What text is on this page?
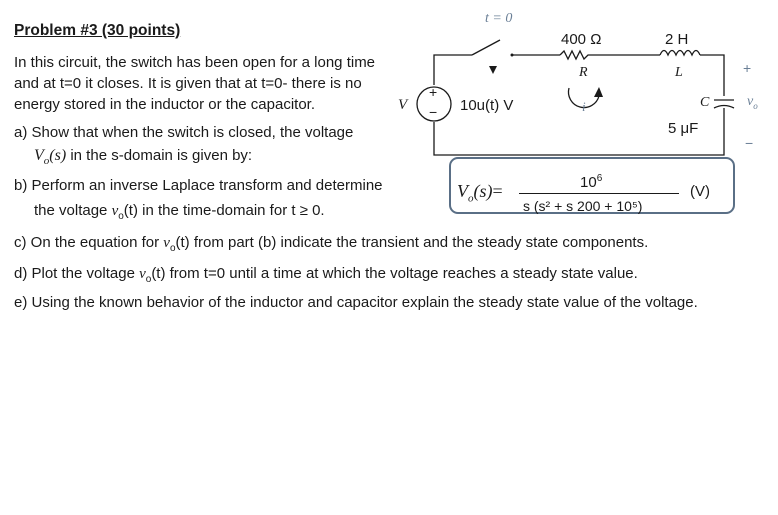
Problem #3 (30 points)
In this circuit, the switch has been open for a long time
and at t=0 it closes. It is given that at t=0- there is no
energy stored in the inductor or the capacitor.
a) Show that when the switch is closed, the voltage
$V_o(s)$ in the s-domain is given by:
b) Perform an inverse Laplace transform and determine
the voltage $v_o(t)$ in the time-domain for t ≥ 0.
c) On the equation for $v_o(t)$ from part (b) indicate the transient and the steady state components.
d) Plot the voltage $v_o(t)$ from t=0 until a time at which the voltage reaches a steady state value.
e) Using the known behavior of the inductor and capacitor explain the steady state value of the voltage.
t = 0
400 Ω
R
2 H
L
V
+
− 10u(t) V	i	C
5 μF
+
$v_o$
−
$V_o(s)=$	$10^6$
s (s² + s 200 + 10⁵)
(V)
